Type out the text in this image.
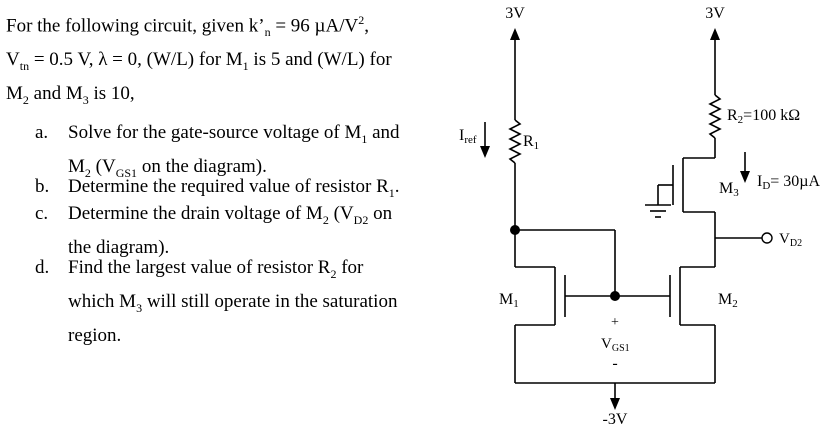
For the following circuit, given $k’_n = 96$ $\mu A/V^2$,
$V_{tn} = 0.5$ V, λ = 0, (W/L) for $M_1$ is 5 and (W/L) for
$M_2$ and $M_3$ is 10,
a.	Solve for the gate-source voltage of $M_1$ and
$M_2$ ($V_{GS1}$ on the diagram).
b. Determine the required value of resistor $R_1$.
c.	Determine the drain voltage of $M_2$ ($V_{D2}$ on
the diagram).
d. Find the largest value of resistor $R_2$ for
which $M_3$ will still operate in the saturation
region.
3V	3V
-3V
Iref	R1
R2=100 kΩ
ID= 30µA
M3
$V_{D2}$
M1	M2
+
$V_{GS1}$
-
